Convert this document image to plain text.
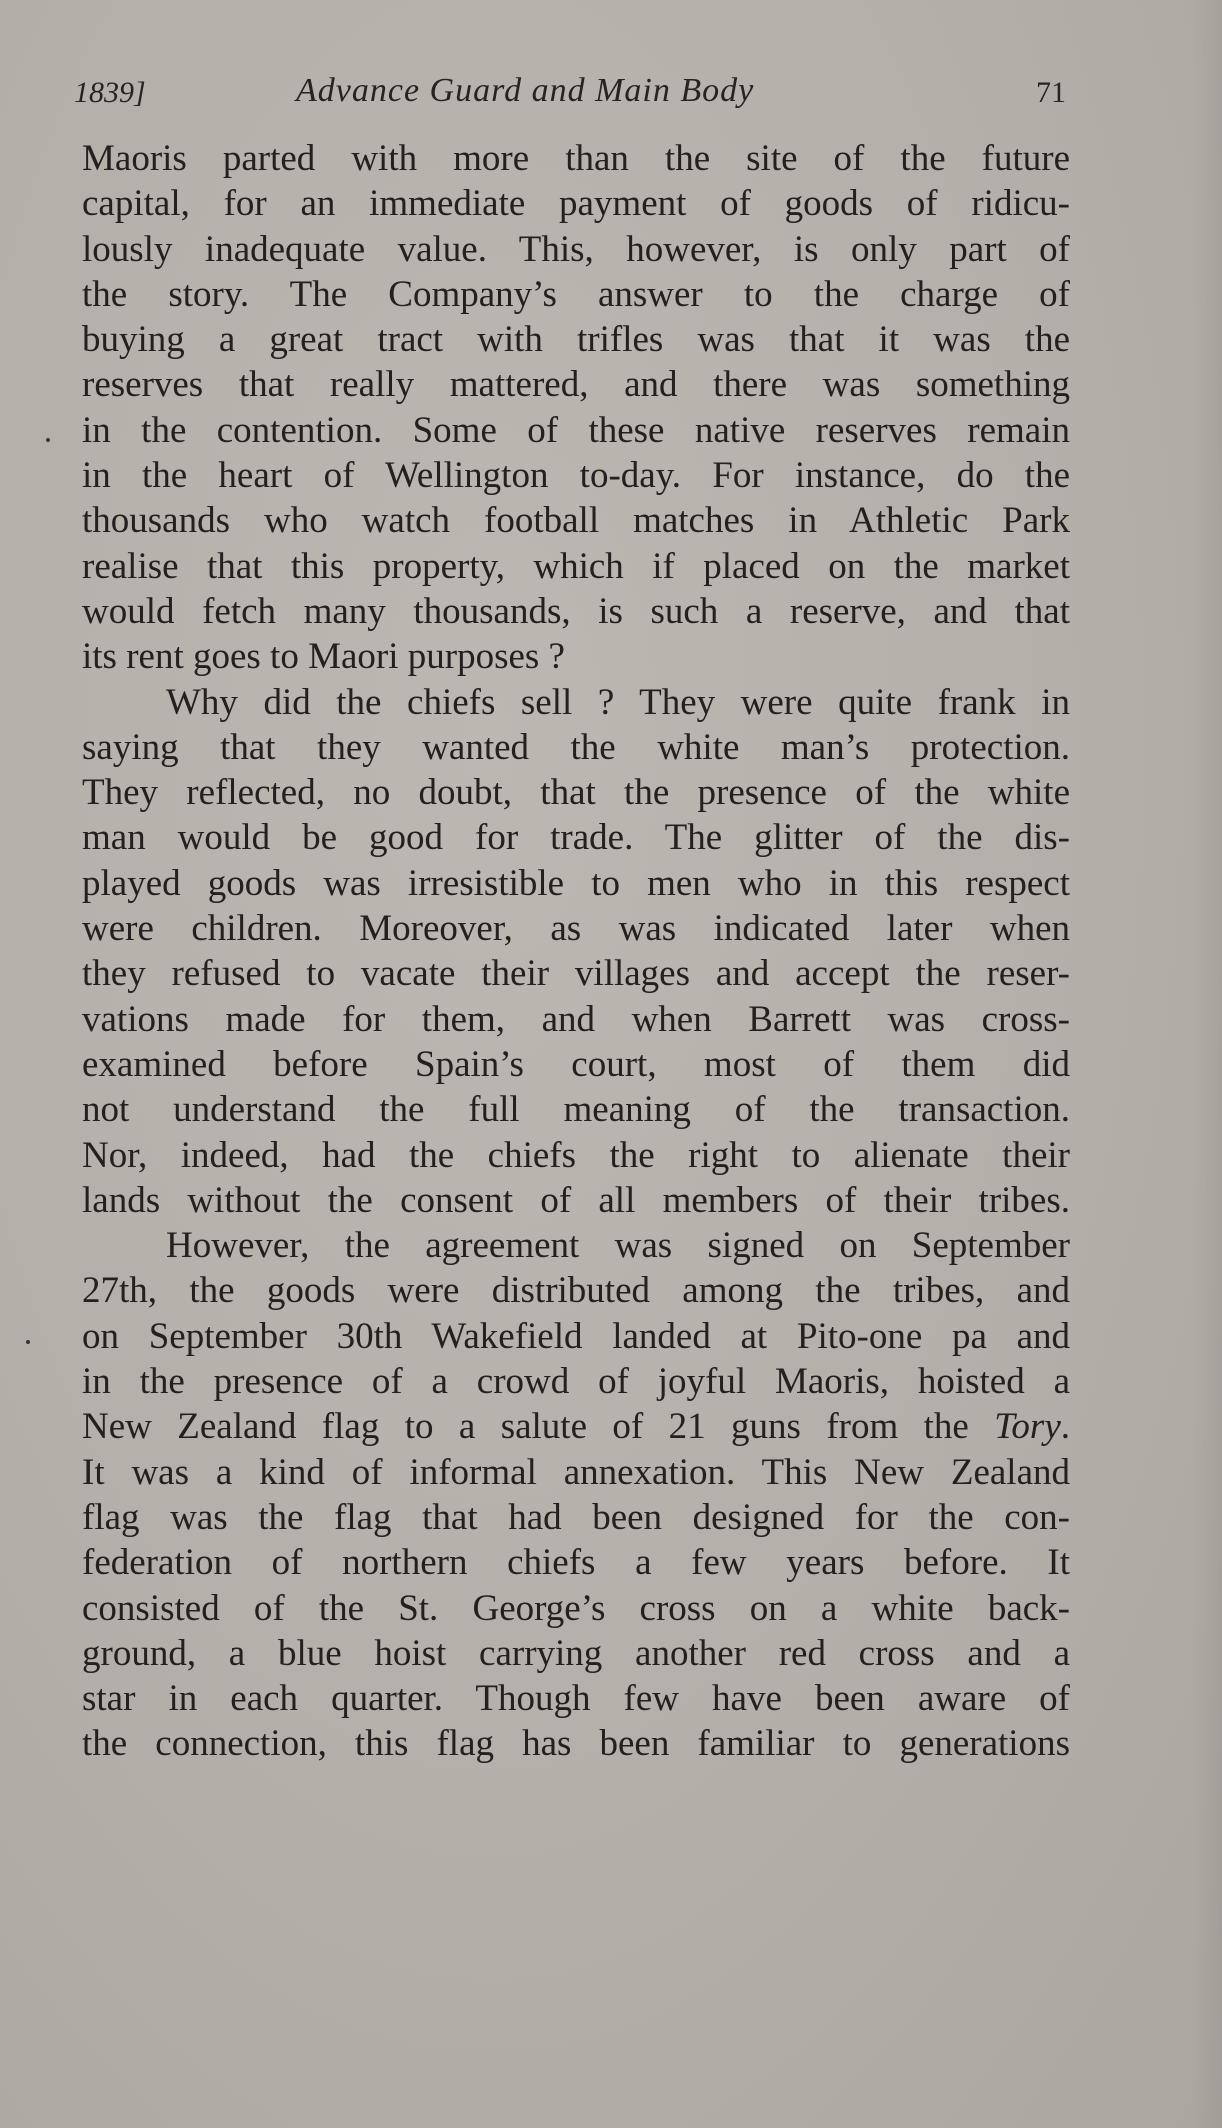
1839]	Advance Guard and Main Body	71
Maoris parted with more than the site of the future
capital, for an immediate payment of goods of ridicu-
lously inadequate value. This, however, is only part of
the story. The Company’s answer to the charge of
buying a great tract with trifles was that it was the
reserves that really mattered, and there was something
in the contention. Some of these native reserves remain
in the heart of Wellington to-day. For instance, do the
thousands who watch football matches in Athletic Park
realise that this property, which if placed on the market
would fetch many thousands, is such a reserve, and that
its rent goes to Maori purposes ?
Why did the chiefs sell ? They were quite frank in
saying that they wanted the white man’s protection.
They reflected, no doubt, that the presence of the white
man would be good for trade. The glitter of the dis-
played goods was irresistible to men who in this respect
were children. Moreover, as was indicated later when
they refused to vacate their villages and accept the reser-
vations made for them, and when Barrett was cross-
examined before Spain’s court, most of them did
not understand the full meaning of the transaction.
Nor, indeed, had the chiefs the right to alienate their
lands without the consent of all members of their tribes.
However, the agreement was signed on September
27th, the goods were distributed among the tribes, and
on September 30th Wakefield landed at Pito-one pa and
in the presence of a crowd of joyful Maoris, hoisted a
New Zealand flag to a salute of 21 guns from the Tory.
It was a kind of informal annexation. This New Zealand
flag was the flag that had been designed for the con-
federation of northern chiefs a few years before. It
consisted of the St. George’s cross on a white back-
ground, a blue hoist carrying another red cross and a
star in each quarter. Though few have been aware of
the connection, this flag has been familiar to generations
